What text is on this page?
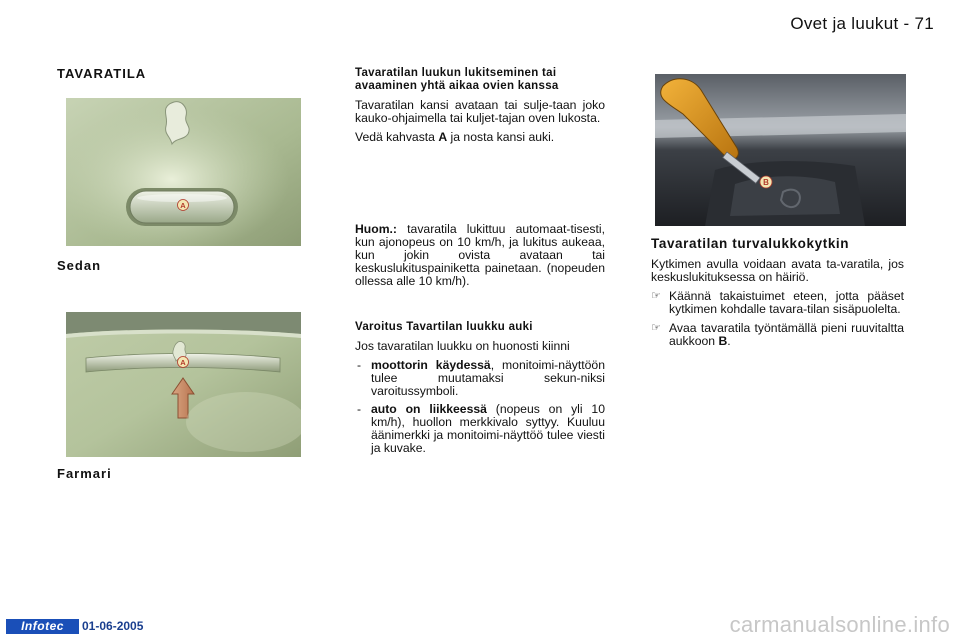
Ovet ja luukut - 71
TAVARATILA
A
Sedan
A
Farmari

Tavaratilan luukun lukitseminen tai avaaminen yhtä aikaa ovien kanssa

Tavaratilan kansi avataan tai sulje-taan joko kauko-ohjaimella tai kuljet-tajan oven lukosta.

Vedä kahvasta A ja nosta kansi auki.

Huom.: tavaratila lukittuu automaat-tisesti, kun ajonopeus on 10 km/h, ja lukitus aukeaa, kun jokin ovista avataan tai keskuslukituspainiketta painetaan. (nopeuden ollessa alle 10 km/h).

Varoitus Tavartilan luukku auki

Jos tavaratilan luukku on huonosti kiinni

- moottorin käydessä, monitoimi-näyttöön tulee muutamaksi sekun-niksi varoitussymboli.
- auto on liikkeessä (nopeus on yli 10 km/h), huollon merkkivalo syttyy. Kuuluu äänimerkki ja monitoimi-näyttöö tulee viesti ja kuvake.
B

Tavaratilan turvalukkokytkin

Kytkimen avulla voidaan avata ta-varatila, jos keskuslukituksessa on häiriö.

☞ Käännä takaistuimet eteen, jotta pääset kytkimen kohdalle tavara-tilan sisäpuolelta.
☞ Avaa tavaratila työntämällä pieni ruuvitaltta aukkoon B.
Infotec	01-06-2005	carmanualsonline.info
